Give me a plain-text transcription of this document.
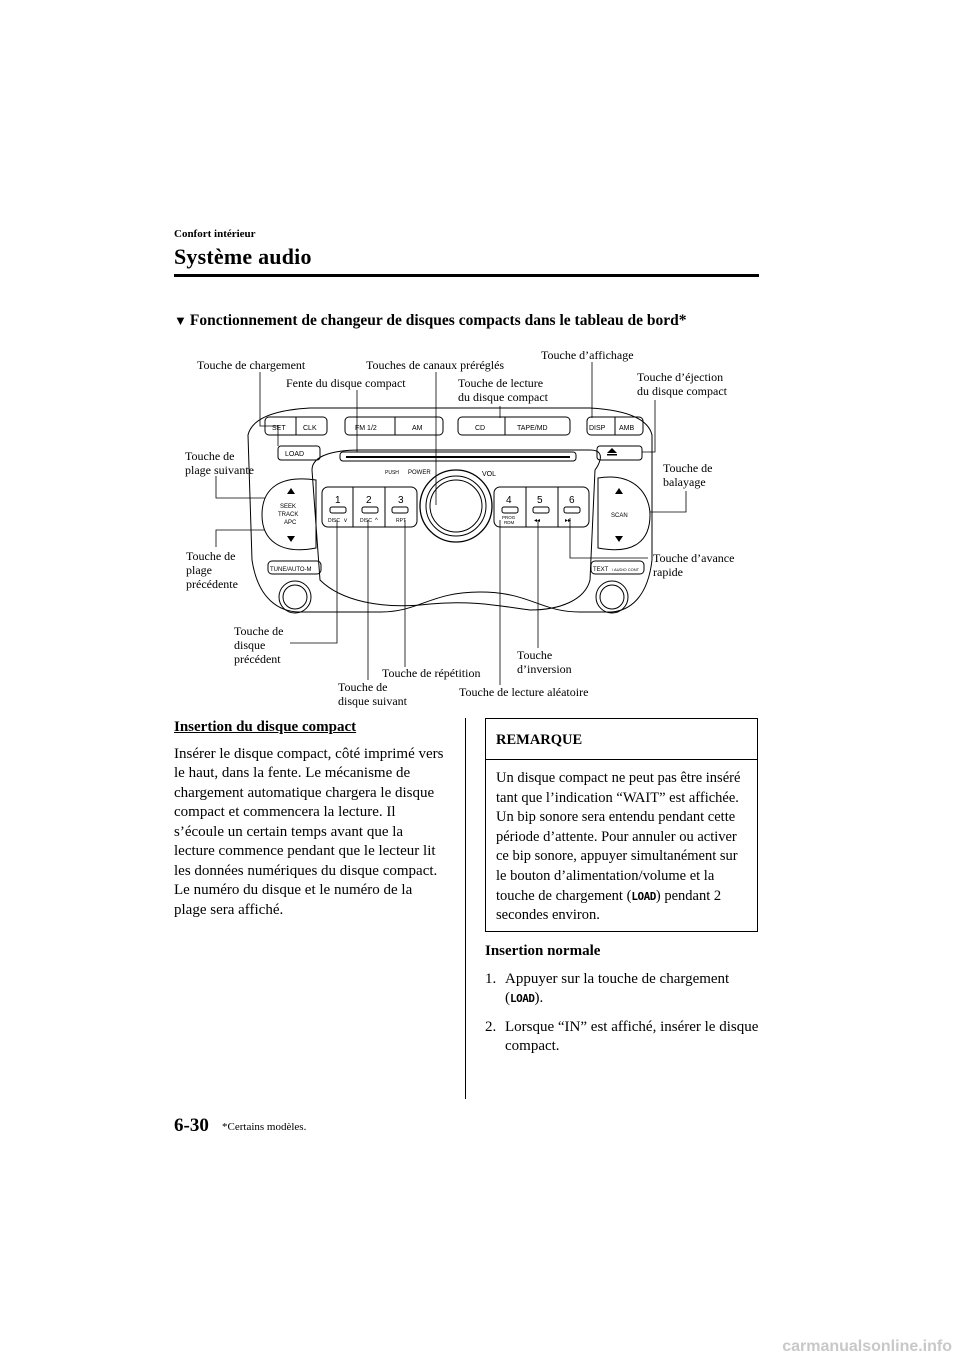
Confort intérieur
Système audio
▼ Fonctionnement de changeur de disques compacts dans le tableau de bord*
Touche de chargement
Fente du disque compact
Touches de canaux préréglés
Touche de lecture
du disque compact
Touche d’affichage
Touche d’éjection
du disque compact
Touche de
plage suivante	Touche de
balayage
Touche de
plage
précédente
Touche d’avance
rapide
Touche de
disque
précédent
Touche de répétition
Touche
d’inversion
Touche de
disque suivant
Touche de lecture aléatoire
SET CLK	FM 1/2	AM	CD	TAPE/MD	DISP AMB
LOAD
PUSH POWER	VOL
SEEK
TRACK
APC
SCAN
TUNE/AUTO-M	TEXT / AUDIO CONT
1	2	3	4	5	6
DISC	DISC	RPT
PROG
RDM
v	^	◂◂	▸▸
Insertion du disque compact

Insérer le disque compact, côté imprimé vers le haut, dans la fente. Le mécanisme de chargement automatique chargera le disque compact et commencera la lecture. Il s’écoule un certain temps avant que la lecture commence pendant que le lecteur lit les données numériques du disque compact.

Le numéro du disque et le numéro de la plage sera affiché.

REMARQUE
Un disque compact ne peut pas être inséré tant que l’indication “WAIT” est affichée. Un bip sonore sera entendu pendant cette période d’attente. Pour annuler ou activer ce bip sonore, appuyer simultanément sur le bouton d’alimentation/volume et la touche de chargement (LOAD) pendant 2 secondes environ.
Insertion normale
1. Appuyer sur la touche de chargement (LOAD).
2. Lorsque “IN” est affiché, insérer le disque compact.
6-30 *Certains modèles.
carmanualsonline.info
